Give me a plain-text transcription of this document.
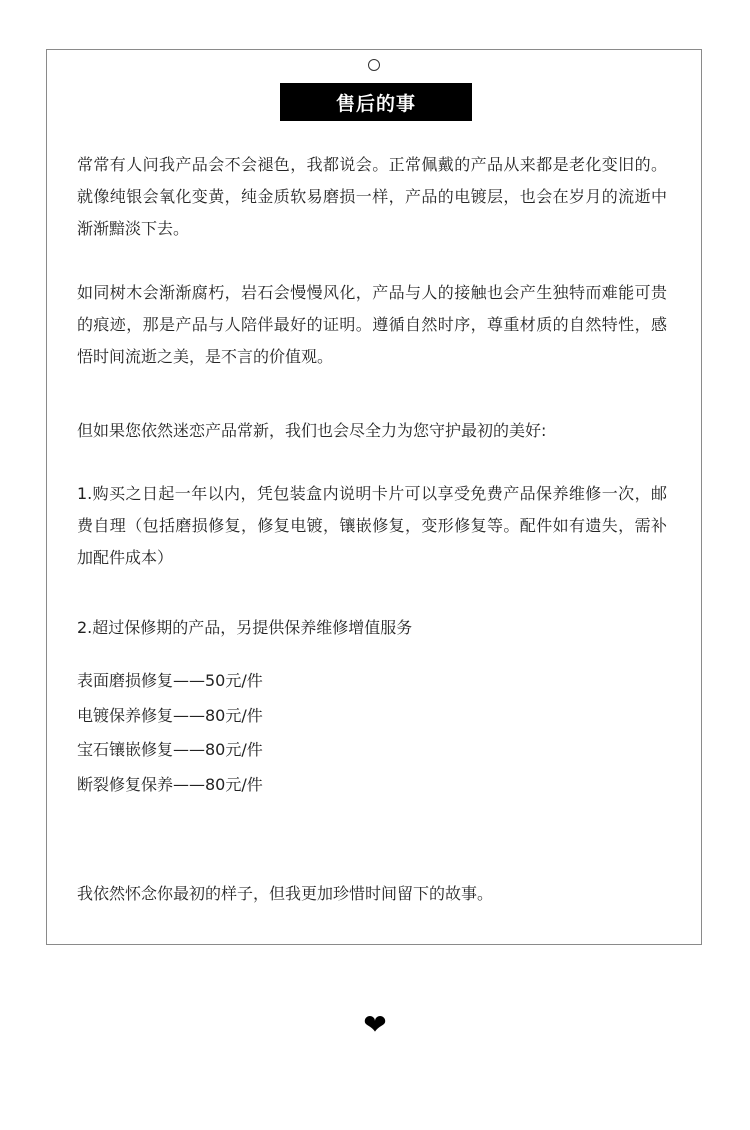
售后的事

常常有人问我产品会不会褪色，我都说会。正常佩戴的产品从来都是老化变旧的。就像纯银会氧化变黄，纯金质软易磨损一样，产品的电镀层，也会在岁月的流逝中渐渐黯淡下去。

如同树木会渐渐腐朽，岩石会慢慢风化，产品与人的接触也会产生独特而难能可贵的痕迹，那是产品与人陪伴最好的证明。遵循自然时序，尊重材质的自然特性，感悟时间流逝之美，是不言的价值观。

但如果您依然迷恋产品常新，我们也会尽全力为您守护最初的美好:

1.购买之日起一年以内，凭包装盒内说明卡片可以享受免费产品保养维修一次，邮费自理（包括磨损修复，修复电镀，镶嵌修复，变形修复等。配件如有遗失，需补加配件成本）

2.超过保修期的产品，另提供保养维修增值服务

表面磨损修复——50元/件
电镀保养修复——80元/件
宝石镶嵌修复——80元/件
断裂修复保养——80元/件

我依然怀念你最初的样子，但我更加珍惜时间留下的故事。

❤
